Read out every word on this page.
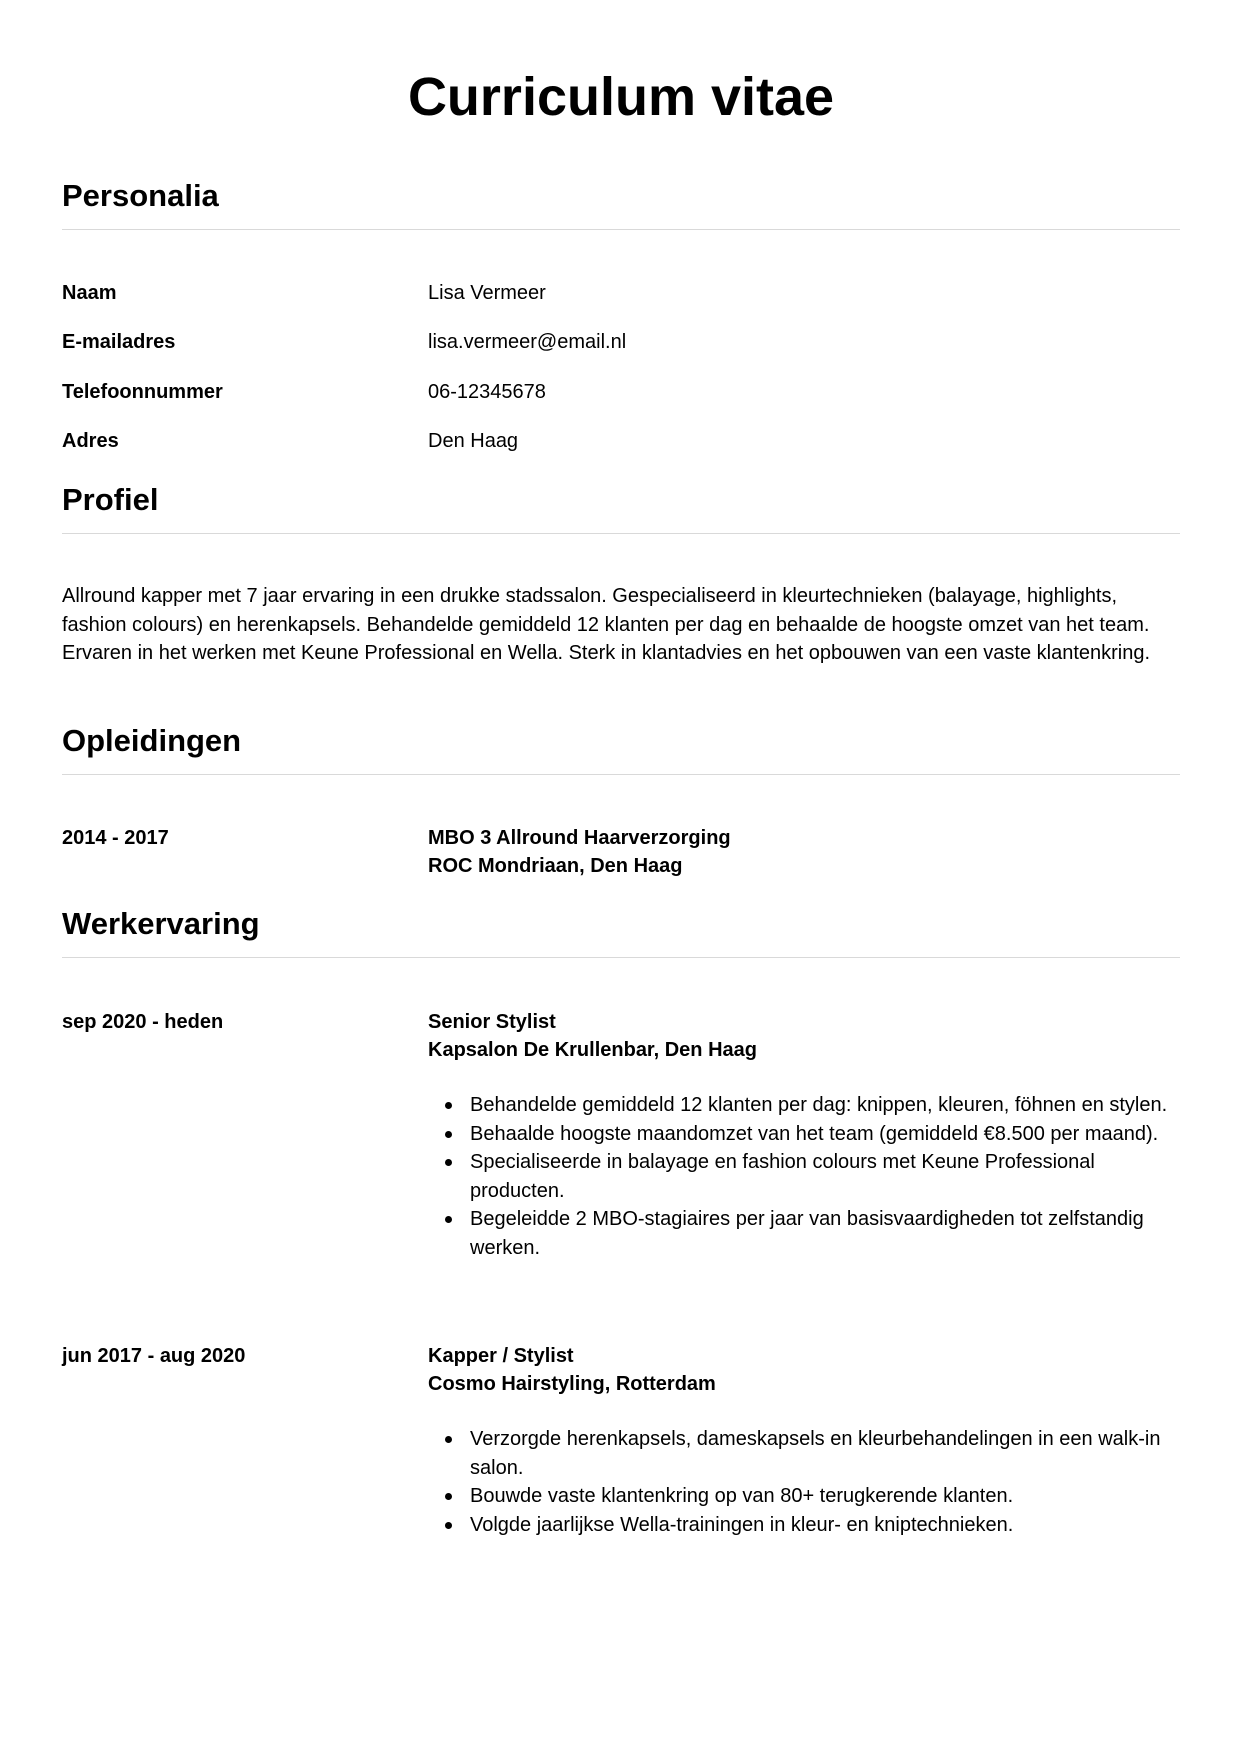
Curriculum vitae
Personalia
Naam	Lisa Vermeer
E-mailadres	lisa.vermeer@email.nl
Telefoonnummer	06-12345678
Adres	Den Haag
Profiel

Allround kapper met 7 jaar ervaring in een drukke stadssalon. Gespecialiseerd in kleurtechnieken (balayage, highlights, fashion colours) en herenkapsels. Behandelde gemiddeld 12 klanten per dag en behaalde de hoogste omzet van het team. Ervaren in het werken met Keune Professional en Wella. Sterk in klantadvies en het opbouwen van een vaste klantenkring.

Opleidingen
2014 - 2017	MBO 3 Allround Haarverzorging
ROC Mondriaan, Den Haag
Werkervaring
sep 2020 - heden	Senior Stylist
Kapsalon De Krullenbar, Den Haag
Behandelde gemiddeld 12 klanten per dag: knippen, kleuren, föhnen en stylen.
Behaalde hoogste maandomzet van het team (gemiddeld €8.500 per maand).
Specialiseerde in balayage en fashion colours met Keune Professional producten.
Begeleidde 2 MBO-stagiaires per jaar van basisvaardigheden tot zelfstandig werken.
jun 2017 - aug 2020	Kapper / Stylist
Cosmo Hairstyling, Rotterdam
Verzorgde herenkapsels, dameskapsels en kleurbehandelingen in een walk-in salon.
Bouwde vaste klantenkring op van 80+ terugkerende klanten.
Volgde jaarlijkse Wella-trainingen in kleur- en kniptechnieken.
